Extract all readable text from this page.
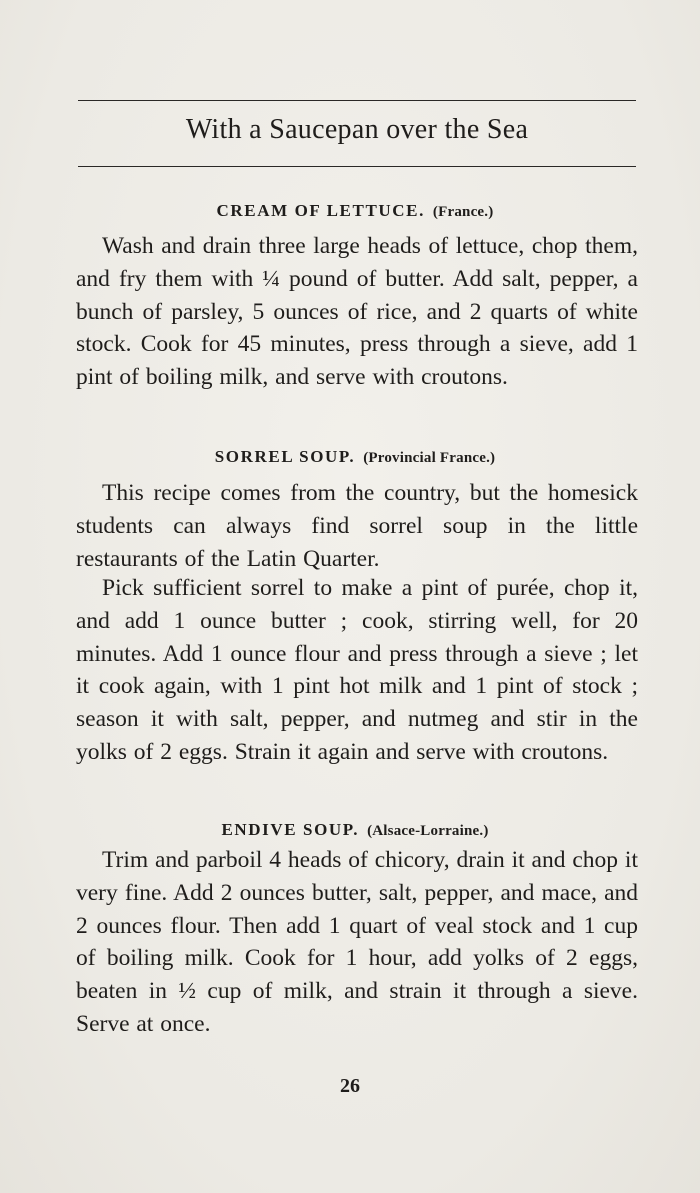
With a Saucepan over the Sea
CREAM OF LETTUCE. (France.)
Wash and drain three large heads of lettuce, chop them, and fry them with ¼ pound of butter. Add salt, pepper, a bunch of parsley, 5 ounces of rice, and 2 quarts of white stock. Cook for 45 minutes, press through a sieve, add 1 pint of boiling milk, and serve with croutons.
SORREL SOUP. (Provincial France.)
This recipe comes from the country, but the homesick students can always find sorrel soup in the little restaurants of the Latin Quarter.
Pick sufficient sorrel to make a pint of purée, chop it, and add 1 ounce butter ; cook, stirring well, for 20 minutes. Add 1 ounce flour and press through a sieve ; let it cook again, with 1 pint hot milk and 1 pint of stock ; season it with salt, pepper, and nutmeg and stir in the yolks of 2 eggs. Strain it again and serve with croutons.
ENDIVE SOUP. (Alsace-Lorraine.)
Trim and parboil 4 heads of chicory, drain it and chop it very fine. Add 2 ounces butter, salt, pepper, and mace, and 2 ounces flour. Then add 1 quart of veal stock and 1 cup of boiling milk. Cook for 1 hour, add yolks of 2 eggs, beaten in ½ cup of milk, and strain it through a sieve. Serve at once.
26
